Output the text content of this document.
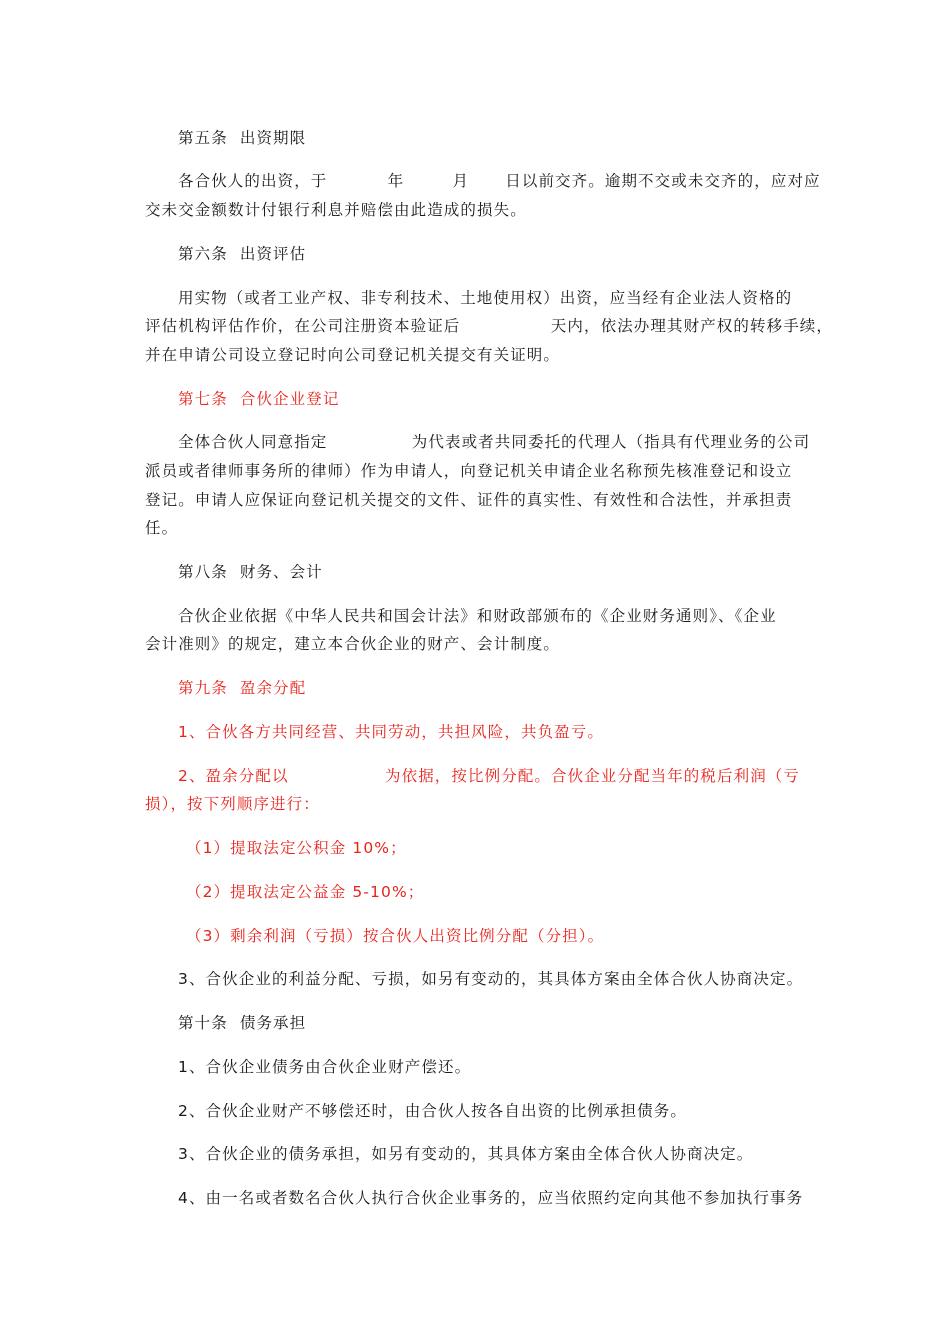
第五条  出资期限

各合伙人的出资，于          年        月      日以前交齐。逾期不交或未交齐的，应对应

交未交金额数计付银行利息并赔偿由此造成的损失。

第六条  出资评估

用实物（或者工业产权、非专利技术、土地使用权）出资，应当经有企业法人资格的

评估机构评估作价，在公司注册资本验证后               天内，依法办理其财产权的转移手续，

并在申请公司设立登记时向公司登记机关提交有关证明。

第七条  合伙企业登记

全体合伙人同意指定              为代表或者共同委托的代理人（指具有代理业务的公司

派员或者律师事务所的律师）作为申请人，向登记机关申请企业名称预先核准登记和设立

登记。申请人应保证向登记机关提交的文件、证件的真实性、有效性和合法性，并承担责

任。

第八条  财务、会计

合伙企业依据《中华人民共和国会计法》和财政部颁布的《企业财务通则》、《企业

会计准则》的规定，建立本合伙企业的财产、会计制度。

第九条  盈余分配

1、合伙各方共同经营、共同劳动，共担风险，共负盈亏。

2、盈余分配以                为依据，按比例分配。合伙企业分配当年的税后利润（亏

损），按下列顺序进行：

（1）提取法定公积金 10%；

（2）提取法定公益金 5-10%；

（3）剩余利润（亏损）按合伙人出资比例分配（分担）。

3、合伙企业的利益分配、亏损，如另有变动的，其具体方案由全体合伙人协商决定。

第十条  债务承担

1、合伙企业债务由合伙企业财产偿还。

2、合伙企业财产不够偿还时，由合伙人按各自出资的比例承担债务。

3、合伙企业的债务承担，如另有变动的，其具体方案由全体合伙人协商决定。

4、由一名或者数名合伙人执行合伙企业事务的，应当依照约定向其他不参加执行事务
